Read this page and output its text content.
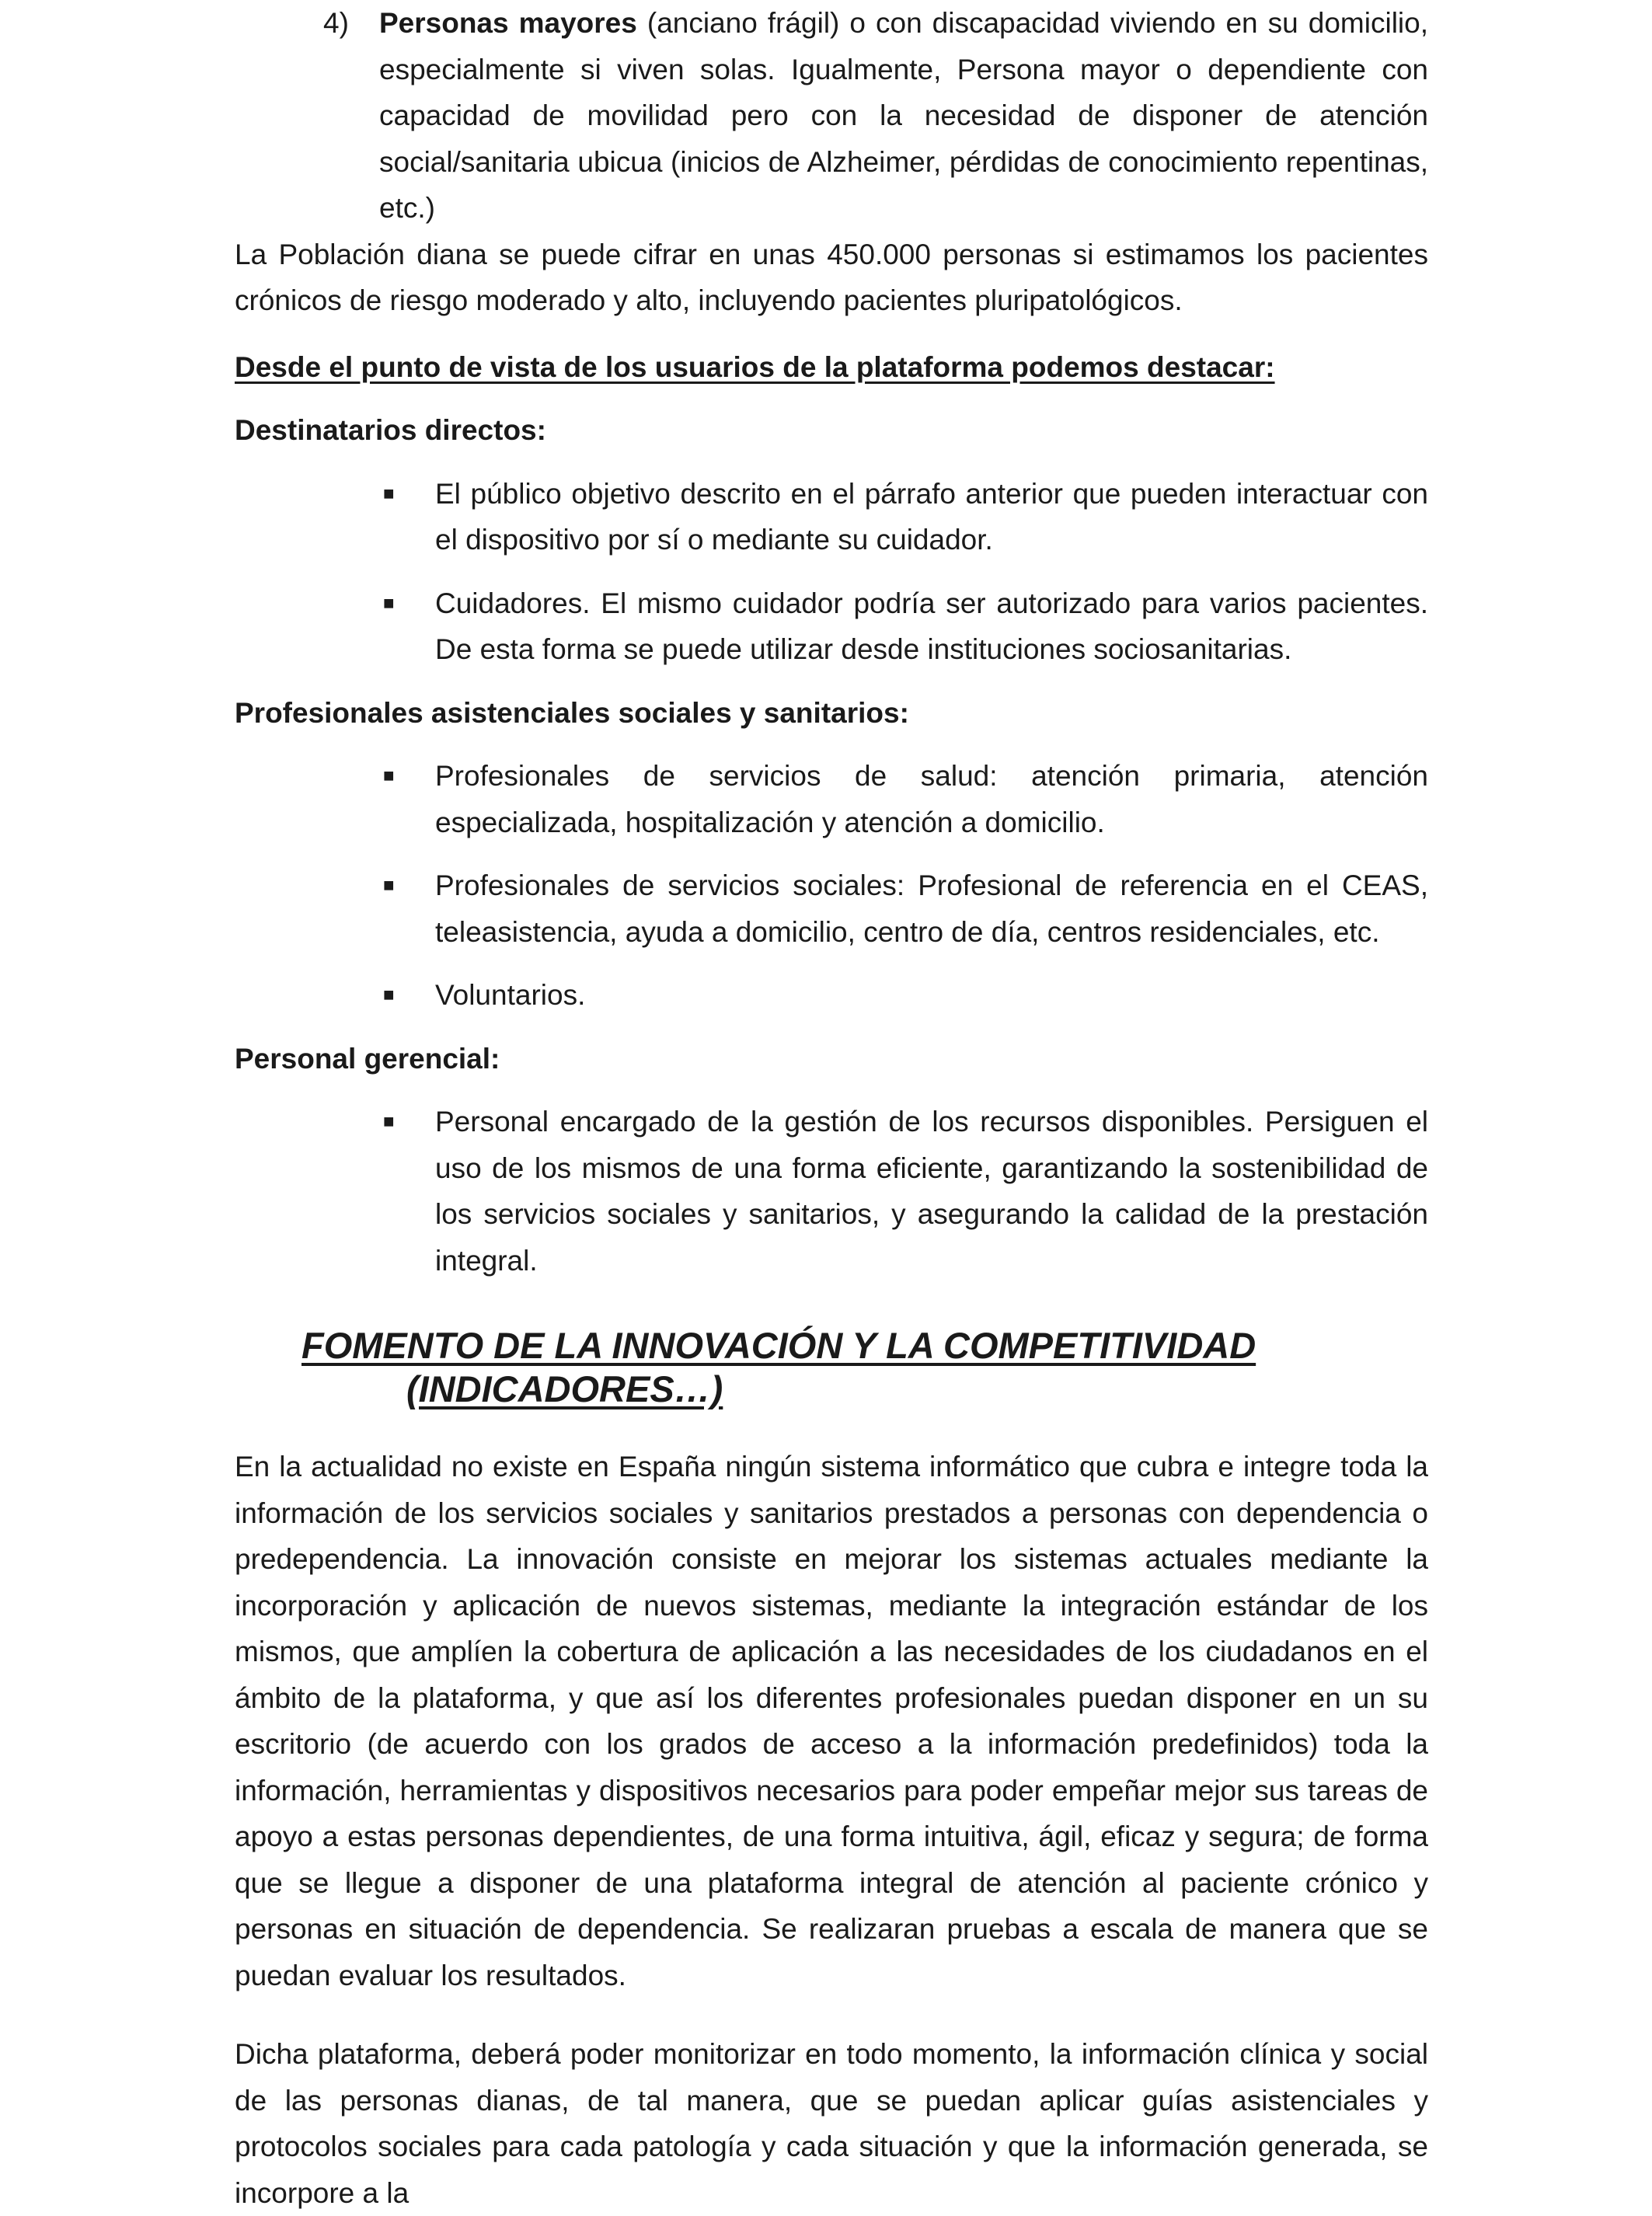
4) Personas mayores (anciano frágil) o con discapacidad viviendo en su domicilio, especialmente si viven solas. Igualmente, Persona mayor o dependiente con capacidad de movilidad pero con la necesidad de disponer de atención social/sanitaria ubicua (inicios de Alzheimer, pérdidas de conocimiento repentinas, etc.)

La Población diana se puede cifrar en unas 450.000 personas si estimamos los pacientes crónicos de riesgo moderado y alto, incluyendo pacientes pluripatológicos.

Desde el punto de vista de los usuarios de la plataforma podemos destacar:

Destinatarios directos:

■ El público objetivo descrito en el párrafo anterior que pueden interactuar con el dispositivo por sí o mediante su cuidador.
■ Cuidadores. El mismo cuidador podría ser autorizado para varios pacientes. De esta forma se puede utilizar desde instituciones sociosanitarias.

Profesionales asistenciales sociales y sanitarios:

■ Profesionales de servicios de salud: atención primaria, atención especializada, hospitalización y atención a domicilio.
■ Profesionales de servicios sociales: Profesional de referencia en el CEAS, teleasistencia, ayuda a domicilio, centro de día, centros residenciales, etc.
■ Voluntarios.

Personal gerencial:

■ Personal encargado de la gestión de los recursos disponibles. Persiguen el uso de los mismos de una forma eficiente, garantizando la sostenibilidad de los servicios sociales y sanitarios, y asegurando la calidad de la prestación integral.
FOMENTO DE LA INNOVACIÓN Y LA COMPETITIVIDAD
(INDICADORES…)

En la actualidad no existe en España ningún sistema informático que cubra e integre toda la información de los servicios sociales y sanitarios prestados a personas con dependencia o predependencia. La innovación consiste en mejorar los sistemas actuales mediante la incorporación y aplicación de nuevos sistemas, mediante la integración estándar de los mismos, que amplíen la cobertura de aplicación a las necesidades de los ciudadanos en el ámbito de la plataforma, y que así los diferentes profesionales puedan disponer en un su escritorio (de acuerdo con los grados de acceso a la información predefinidos) toda la información, herramientas y dispositivos necesarios para poder empeñar mejor sus tareas de apoyo a estas personas dependientes, de una forma intuitiva, ágil, eficaz y segura; de forma que se llegue a disponer de una plataforma integral de atención al paciente crónico y personas en situación de dependencia. Se realizaran pruebas a escala de manera que se puedan evaluar los resultados.

Dicha plataforma, deberá poder monitorizar en todo momento, la información clínica y social de las personas dianas, de tal manera, que se puedan aplicar guías asistenciales y protocolos sociales para cada patología y cada situación y que la información generada, se incorpore a la
